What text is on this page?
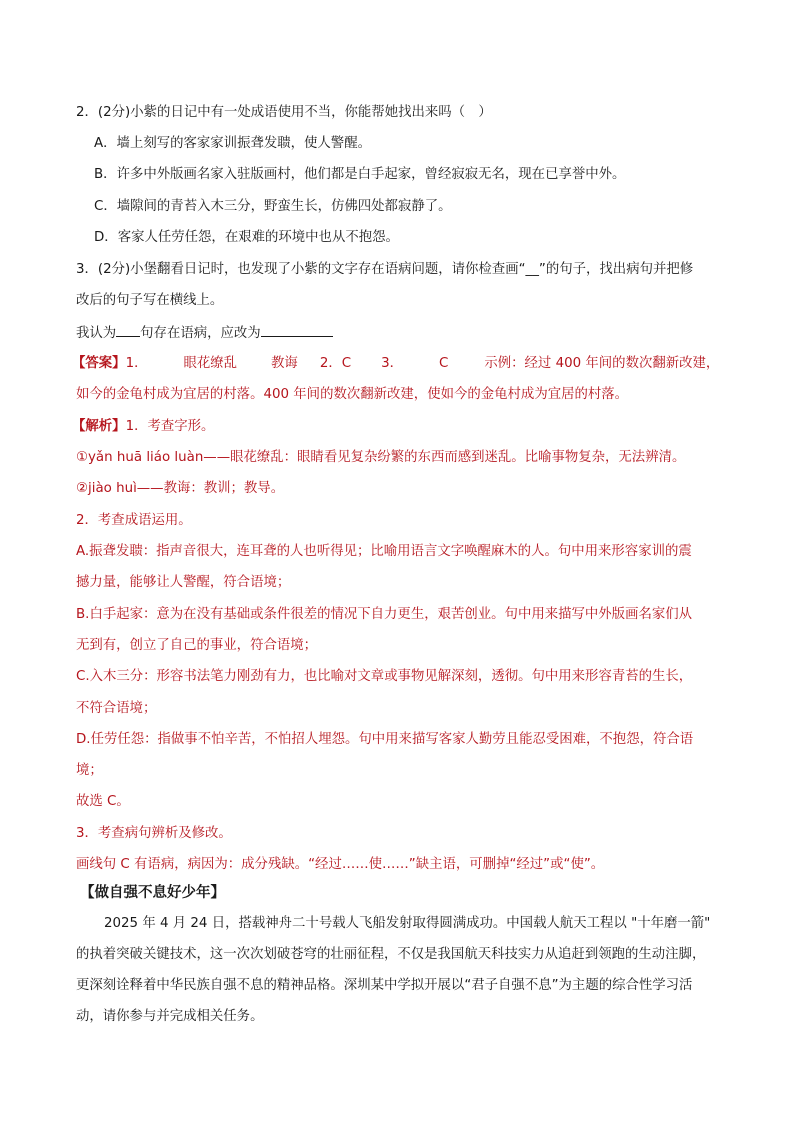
2．(2分)小紫的日记中有一处成语使用不当，你能帮她找出来吗（　）
A．墙上刻写的客家家训振聋发聩，使人警醒。
B．许多中外版画名家入驻版画村，他们都是白手起家，曾经寂寂无名，现在已享誉中外。
C．墙隙间的青苔入木三分，野蛮生长，仿佛四处都寂静了。
D．客家人任劳任怨，在艰难的环境中也从不抱怨。
3．(2分)小堡翻看日记时，也发现了小紫的文字存在语病问题，请你检查画“__”的句子，找出病句并把修
改后的句子写在横线上。
我认为 句存在语病，应改为
【答案】1．	眼花缭乱	教诲 2．C 3．	C	示例：经过 400 年间的数次翻新改建，
如今的金龟村成为宜居的村落。400 年间的数次翻新改建，使如今的金龟村成为宜居的村落。
【解析】1．考查字形。
①yǎn huā liáo luàn——眼花缭乱：眼睛看见复杂纷繁的东西而感到迷乱。比喻事物复杂，无法辨清。
②jiào huì——教诲：教训；教导。
2．考查成语运用。
A.振聋发聩：指声音很大，连耳聋的人也听得见；比喻用语言文字唤醒麻木的人。句中用来形容家训的震
撼力量，能够让人警醒，符合语境；
B.白手起家：意为在没有基础或条件很差的情况下自力更生，艰苦创业。句中用来描写中外版画名家们从
无到有，创立了自己的事业，符合语境；
C.入木三分：形容书法笔力刚劲有力，也比喻对文章或事物见解深刻，透彻。句中用来形容青苔的生长，
不符合语境；
D.任劳任怨：指做事不怕辛苦，不怕招人埋怨。句中用来描写客家人勤劳且能忍受困难，不抱怨，符合语
境；
故选 C。
3．考查病句辨析及修改。
画线句 C 有语病，病因为：成分残缺。“经过……使……”缺主语，可删掉“经过”或“使”。
【做自强不息好少年】
2025 年 4 月 24 日，搭载神舟二十号载人飞船发射取得圆满成功。中国载人航天工程以 "十年磨一箭"
的执着突破关键技术，这一次次划破苍穹的壮丽征程，不仅是我国航天科技实力从追赶到领跑的生动注脚，
更深刻诠释着中华民族自强不息的精神品格。深圳某中学拟开展以“君子自强不息”为主题的综合性学习活
动，请你参与并完成相关任务。
